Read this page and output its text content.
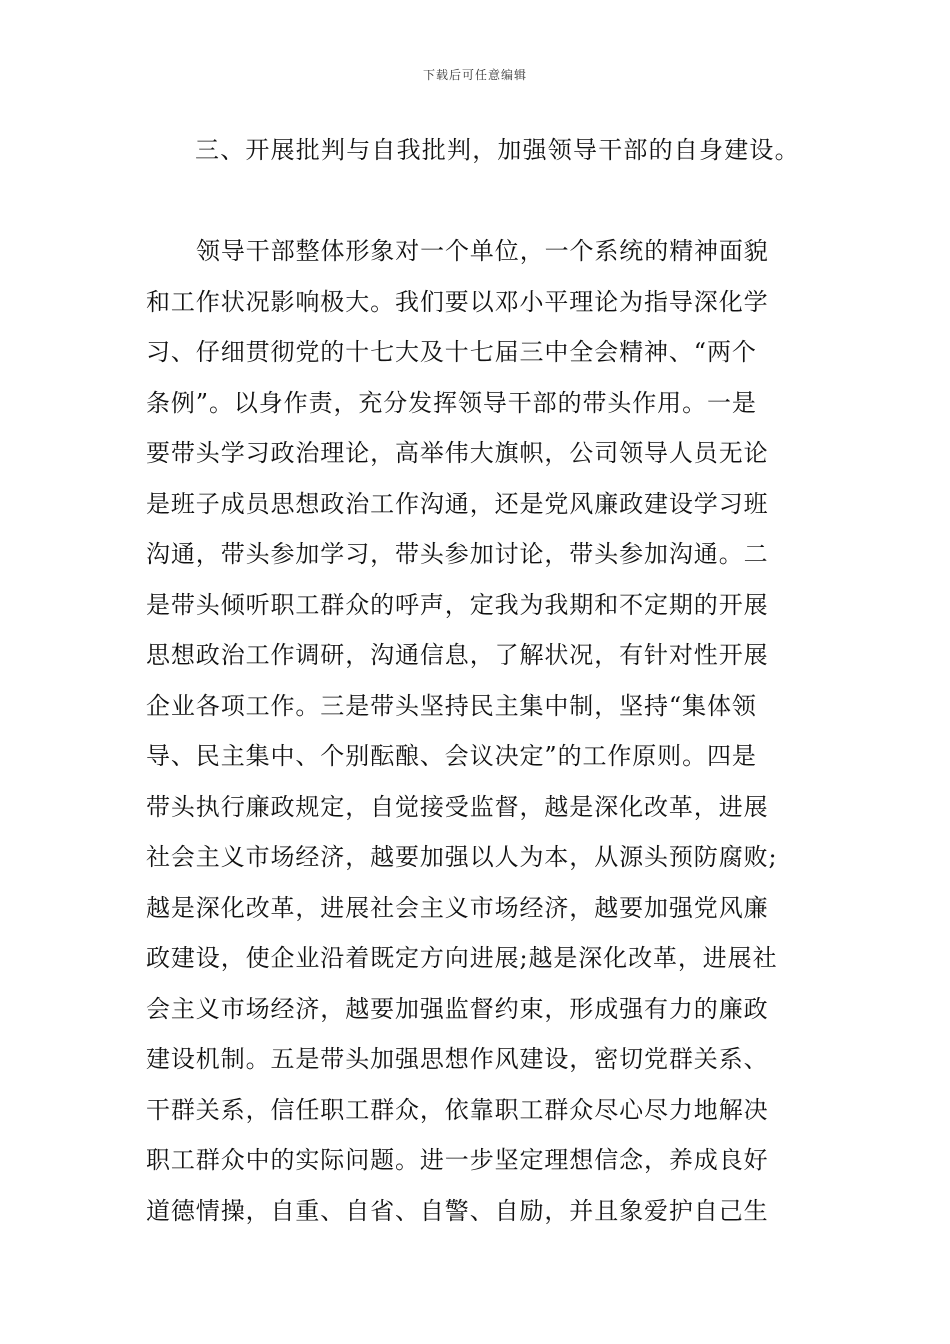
下载后可任意编辑
三、开展批判与自我批判，加强领导干部的自身建设。
领导干部整体形象对一个单位，一个系统的精神面貌
和工作状况影响极大。我们要以邓小平理论为指导深化学
习、仔细贯彻党的十七大及十七届三中全会精神、“两个
条例”。以身作责，充分发挥领导干部的带头作用。一是
要带头学习政治理论，高举伟大旗帜，公司领导人员无论
是班子成员思想政治工作沟通，还是党风廉政建设学习班
沟通，带头参加学习，带头参加讨论，带头参加沟通。二
是带头倾听职工群众的呼声，定我为我期和不定期的开展
思想政治工作调研，沟通信息，了解状况，有针对性开展
企业各项工作。三是带头坚持民主集中制，坚持“集体领
导、民主集中、个别酝酿、会议决定”的工作原则。四是
带头执行廉政规定，自觉接受监督，越是深化改革，进展
社会主义市场经济，越要加强以人为本，从源头预防腐败;
越是深化改革，进展社会主义市场经济，越要加强党风廉
政建设，使企业沿着既定方向进展;越是深化改革，进展社
会主义市场经济，越要加强监督约束，形成强有力的廉政
建设机制。五是带头加强思想作风建设，密切党群关系、
干群关系，信任职工群众，依靠职工群众尽心尽力地解决
职工群众中的实际问题。进一步坚定理想信念，养成良好
道德情操，自重、自省、自警、自励，并且象爱护自己生
